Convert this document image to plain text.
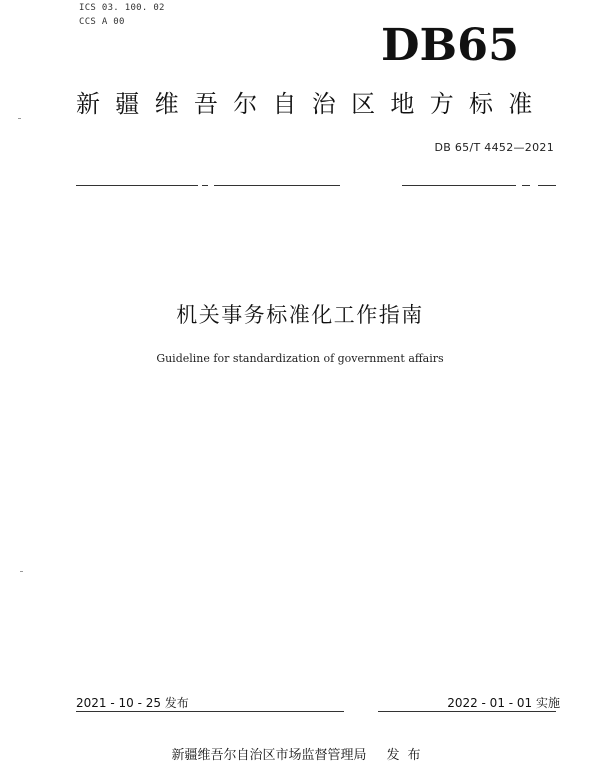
ICS 03. 100. 02
CCS A 00	DB65
新疆维吾尔自治区地方标准
DB 65/T 4452—2021
机关事务标准化工作指南
Guideline for standardization of government affairs
2021 - 10 - 25 发布	2022 - 01 - 01 实施
新疆维吾尔自治区市场监督管理局 发布
